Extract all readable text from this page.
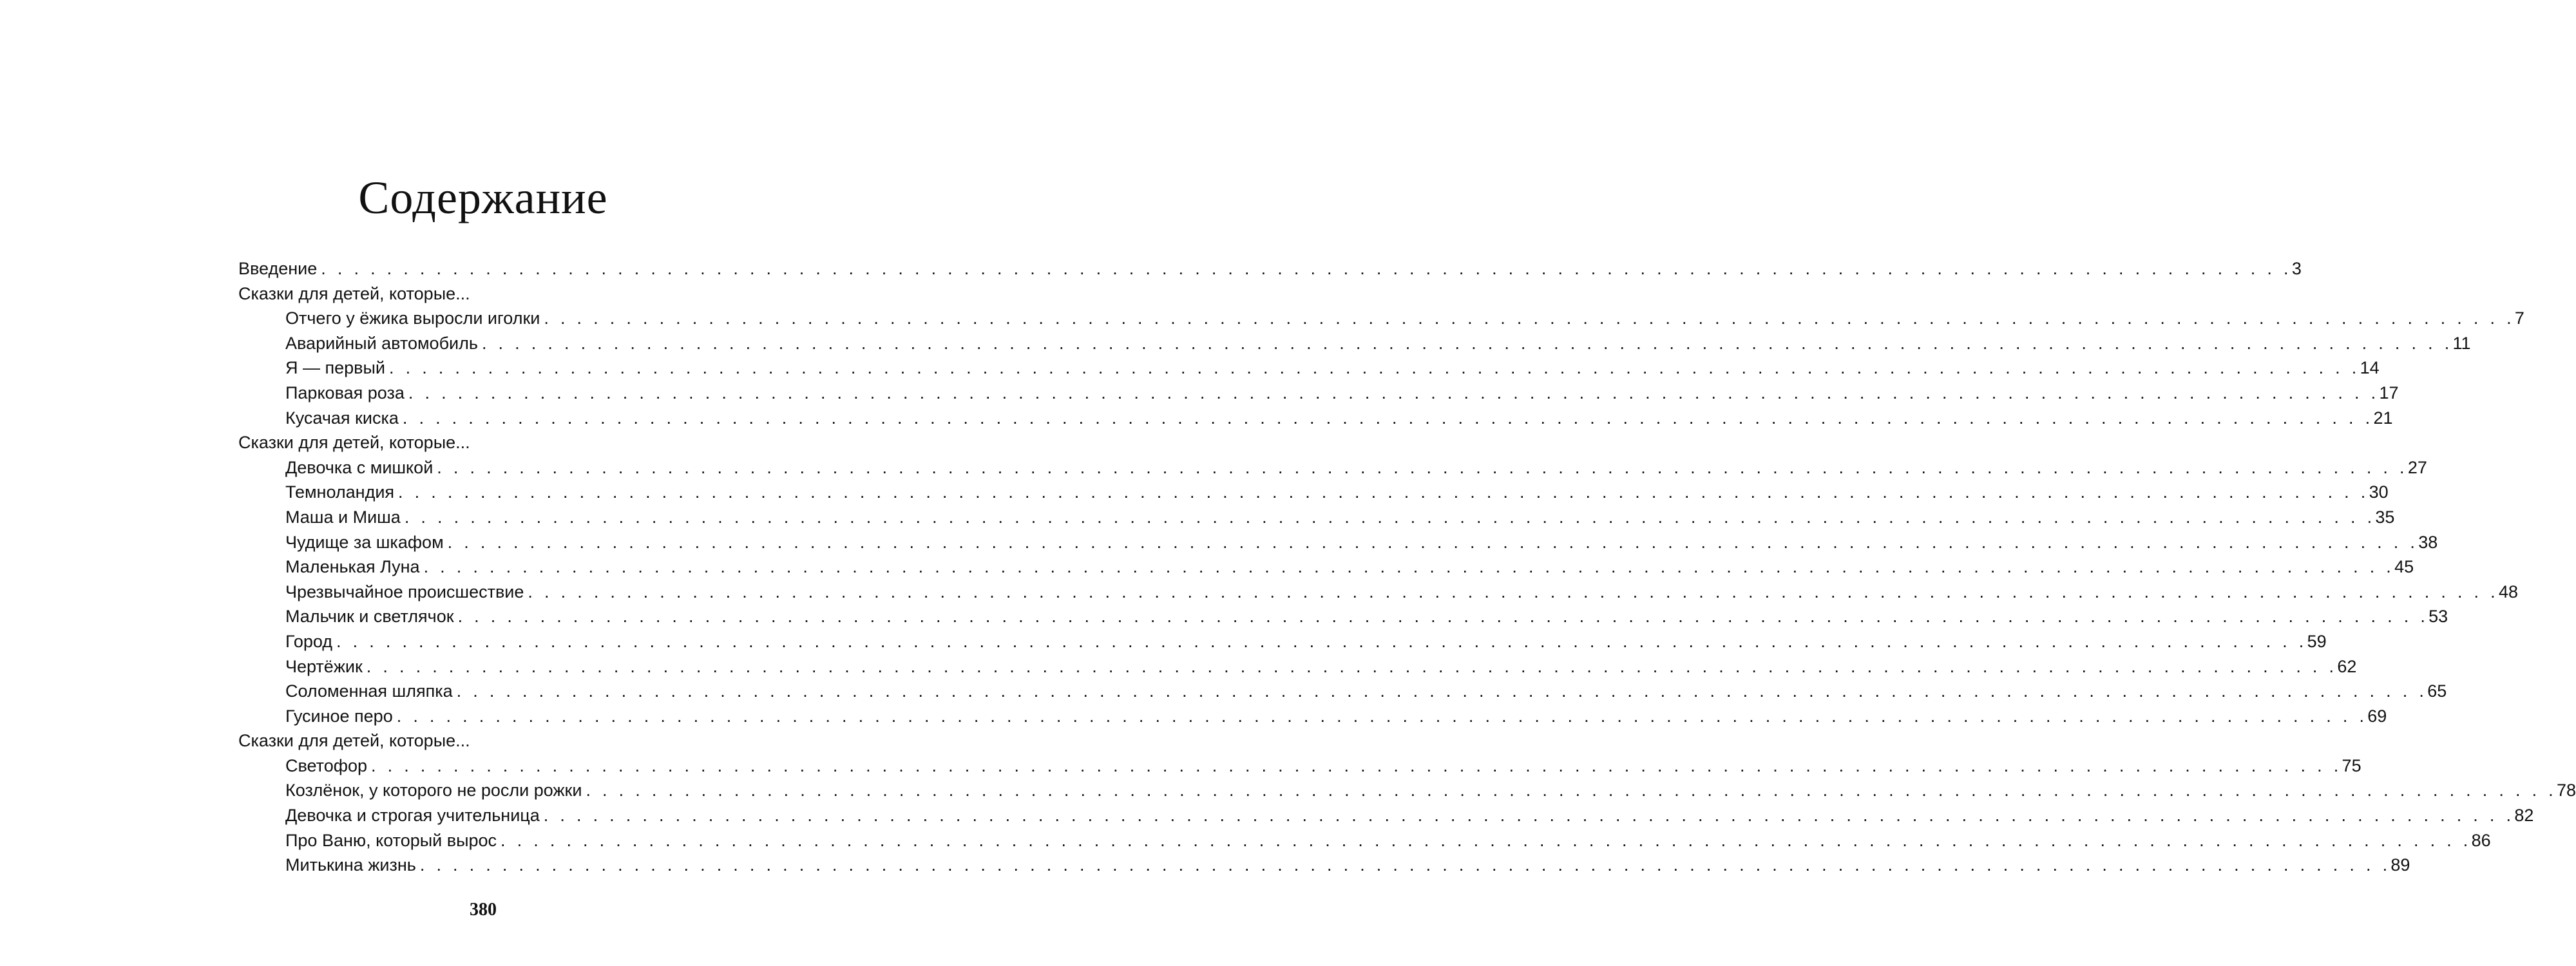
Содержание
Введение . . . . . . . . . . . . . . . . . . . . . . . . . . . . . . . . . . . . . . . . . . . . . . . . . . . . . . . . . . . . . . . . . . . . . . . . . . . . . . . . . . . . . . . . . . . . . . . . . . . . . . . . . . . . . . . . . . . . . . . . 3
Сказки для детей, которые...
Отчего у ёжика выросли иголки . . . . . . . . . . . . . . . . . . . . . . . . . . . . . . . . . . . . . . . . . . . . . . . . . . . . . . . . . . . . . . . . . . . . . . . . . . . . . . . . . . . . . . . . . . . . . . . . . . . . . . . . . . . . . . . . . . . . . . . . 7
Аварийный автомобиль . . . . . . . . . . . . . . . . . . . . . . . . . . . . . . . . . . . . . . . . . . . . . . . . . . . . . . . . . . . . . . . . . . . . . . . . . . . . . . . . . . . . . . . . . . . . . . . . . . . . . . . . . . . . . . . . . . . . . . . . 11
Я — первый . . . . . . . . . . . . . . . . . . . . . . . . . . . . . . . . . . . . . . . . . . . . . . . . . . . . . . . . . . . . . . . . . . . . . . . . . . . . . . . . . . . . . . . . . . . . . . . . . . . . . . . . . . . . . . . . . . . . . . . . 14
Парковая роза . . . . . . . . . . . . . . . . . . . . . . . . . . . . . . . . . . . . . . . . . . . . . . . . . . . . . . . . . . . . . . . . . . . . . . . . . . . . . . . . . . . . . . . . . . . . . . . . . . . . . . . . . . . . . . . . . . . . . . . . 17
Кусачая киска . . . . . . . . . . . . . . . . . . . . . . . . . . . . . . . . . . . . . . . . . . . . . . . . . . . . . . . . . . . . . . . . . . . . . . . . . . . . . . . . . . . . . . . . . . . . . . . . . . . . . . . . . . . . . . . . . . . . . . . . 21
Сказки для детей, которые...
Девочка с мишкой . . . . . . . . . . . . . . . . . . . . . . . . . . . . . . . . . . . . . . . . . . . . . . . . . . . . . . . . . . . . . . . . . . . . . . . . . . . . . . . . . . . . . . . . . . . . . . . . . . . . . . . . . . . . . . . . . . . . . . . . 27
Темноландия . . . . . . . . . . . . . . . . . . . . . . . . . . . . . . . . . . . . . . . . . . . . . . . . . . . . . . . . . . . . . . . . . . . . . . . . . . . . . . . . . . . . . . . . . . . . . . . . . . . . . . . . . . . . . . . . . . . . . . . . 30
Маша и Миша . . . . . . . . . . . . . . . . . . . . . . . . . . . . . . . . . . . . . . . . . . . . . . . . . . . . . . . . . . . . . . . . . . . . . . . . . . . . . . . . . . . . . . . . . . . . . . . . . . . . . . . . . . . . . . . . . . . . . . . . 35
Чудище за шкафом . . . . . . . . . . . . . . . . . . . . . . . . . . . . . . . . . . . . . . . . . . . . . . . . . . . . . . . . . . . . . . . . . . . . . . . . . . . . . . . . . . . . . . . . . . . . . . . . . . . . . . . . . . . . . . . . . . . . . . . . 38
Маленькая Луна . . . . . . . . . . . . . . . . . . . . . . . . . . . . . . . . . . . . . . . . . . . . . . . . . . . . . . . . . . . . . . . . . . . . . . . . . . . . . . . . . . . . . . . . . . . . . . . . . . . . . . . . . . . . . . . . . . . . . . . . 45
Чрезвычайное происшествие . . . . . . . . . . . . . . . . . . . . . . . . . . . . . . . . . . . . . . . . . . . . . . . . . . . . . . . . . . . . . . . . . . . . . . . . . . . . . . . . . . . . . . . . . . . . . . . . . . . . . . . . . . . . . . . . . . . . . . . . 48
Мальчик и светлячок . . . . . . . . . . . . . . . . . . . . . . . . . . . . . . . . . . . . . . . . . . . . . . . . . . . . . . . . . . . . . . . . . . . . . . . . . . . . . . . . . . . . . . . . . . . . . . . . . . . . . . . . . . . . . . . . . . . . . . . . 53
Город . . . . . . . . . . . . . . . . . . . . . . . . . . . . . . . . . . . . . . . . . . . . . . . . . . . . . . . . . . . . . . . . . . . . . . . . . . . . . . . . . . . . . . . . . . . . . . . . . . . . . . . . . . . . . . . . . . . . . . . . 59
Чертёжик . . . . . . . . . . . . . . . . . . . . . . . . . . . . . . . . . . . . . . . . . . . . . . . . . . . . . . . . . . . . . . . . . . . . . . . . . . . . . . . . . . . . . . . . . . . . . . . . . . . . . . . . . . . . . . . . . . . . . . . . 62
Соломенная шляпка . . . . . . . . . . . . . . . . . . . . . . . . . . . . . . . . . . . . . . . . . . . . . . . . . . . . . . . . . . . . . . . . . . . . . . . . . . . . . . . . . . . . . . . . . . . . . . . . . . . . . . . . . . . . . . . . . . . . . . . . 65
Гусиное перо . . . . . . . . . . . . . . . . . . . . . . . . . . . . . . . . . . . . . . . . . . . . . . . . . . . . . . . . . . . . . . . . . . . . . . . . . . . . . . . . . . . . . . . . . . . . . . . . . . . . . . . . . . . . . . . . . . . . . . . . 69
Сказки для детей, которые...
Светофор . . . . . . . . . . . . . . . . . . . . . . . . . . . . . . . . . . . . . . . . . . . . . . . . . . . . . . . . . . . . . . . . . . . . . . . . . . . . . . . . . . . . . . . . . . . . . . . . . . . . . . . . . . . . . . . . . . . . . . . . 75
Козлёнок, у которого не росли рожки . . . . . . . . . . . . . . . . . . . . . . . . . . . . . . . . . . . . . . . . . . . . . . . . . . . . . . . . . . . . . . . . . . . . . . . . . . . . . . . . . . . . . . . . . . . . . . . . . . . . . . . . . . . . . . . . . . . . . . . . 78
Девочка и строгая учительница . . . . . . . . . . . . . . . . . . . . . . . . . . . . . . . . . . . . . . . . . . . . . . . . . . . . . . . . . . . . . . . . . . . . . . . . . . . . . . . . . . . . . . . . . . . . . . . . . . . . . . . . . . . . . . . . . . . . . . . . 82
Про Ваню, который вырос . . . . . . . . . . . . . . . . . . . . . . . . . . . . . . . . . . . . . . . . . . . . . . . . . . . . . . . . . . . . . . . . . . . . . . . . . . . . . . . . . . . . . . . . . . . . . . . . . . . . . . . . . . . . . . . . . . . . . . . . 86
Митькина жизнь . . . . . . . . . . . . . . . . . . . . . . . . . . . . . . . . . . . . . . . . . . . . . . . . . . . . . . . . . . . . . . . . . . . . . . . . . . . . . . . . . . . . . . . . . . . . . . . . . . . . . . . . . . . . . . . . . . . . . . . . 89
380
